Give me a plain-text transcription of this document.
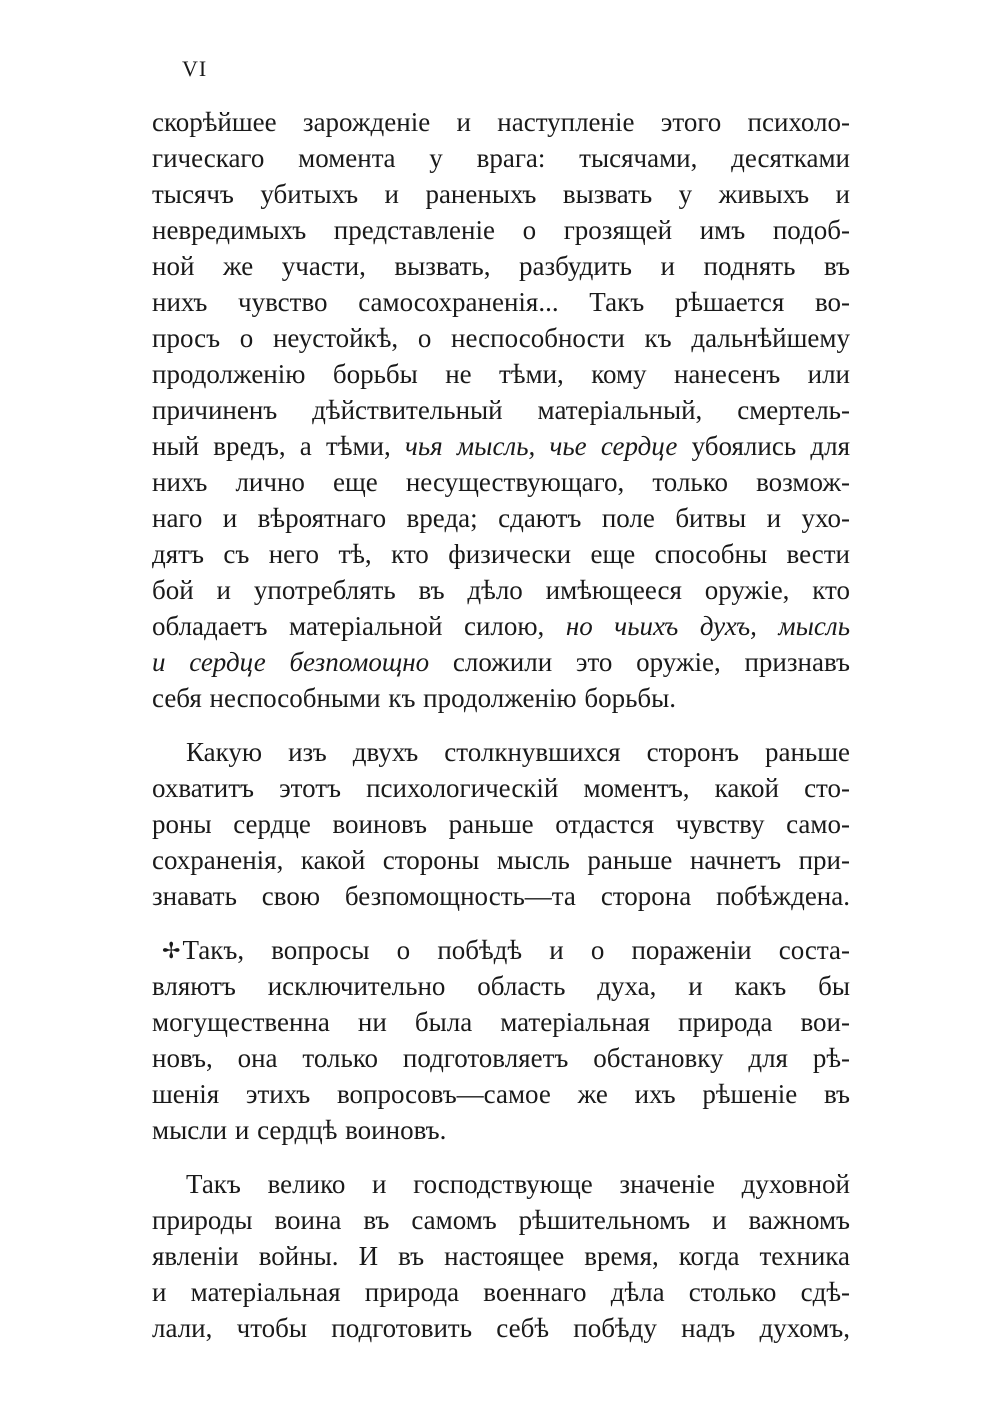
VI
скорѣйшее зарожденіе и наступленіе этого психоло-
гическаго моментa у врага: тысячами, десятками
тысячъ убитыхъ и раненыхъ вызвать у живыхъ и
невредимыхъ представленіе о грозящей имъ подоб-
ной же участи, вызвать, разбудить и поднять въ
нихъ чувство самосохраненія... Такъ рѣшается во-
просъ о неустойкѣ, о неспособности къ дальнѣйшему
продолженію борьбы не тѣми, кому нанесенъ или
причиненъ дѣйствительный матеріальный, смертель-
ный вредъ, а тѣми, чья мысль, чье сердце убоялись для
нихъ лично еще несуществующаго, только возмож-
наго и вѣроятнаго вреда; сдаютъ поле битвы и ухо-
дятъ съ него тѣ, кто физически еще способны вести
бой и употреблять въ дѣло имѣющееся оружіе, кто
обладаетъ матеріальной силою, но чьихъ духъ, мысль
и сердце безпомощно сложили это оружіе, признавъ
себя неспособными къ продолженію борьбы.
Какую изъ двухъ столкнувшихся сторонъ раньше
охватитъ этотъ психологическій моментъ, какой сто-
роны сердце воиновъ раньше отдастся чувству само-
сохраненія, какой стороны мысль раньше начнетъ при-
знавать свою безпомощность—та сторона побѣждена.
✢Такъ, вопросы о побѣдѣ и о пораженіи соста-
вляютъ исключительно область духа, и какъ бы
могущественна ни была матеріальная природа вои-
новъ, она только подготовляетъ обстановку для рѣ-
шенія этихъ вопросовъ—самое же ихъ рѣшеніе въ
мысли и сердцѣ воиновъ.
Такъ велико и господствующе значеніе духовной
природы воина въ самомъ рѣшительномъ и важномъ
явленіи войны. И въ настоящее время, когда техника
и матеріальная природа военнаго дѣла столько сдѣ-
лали, чтобы подготовить себѣ побѣду надъ духомъ,
